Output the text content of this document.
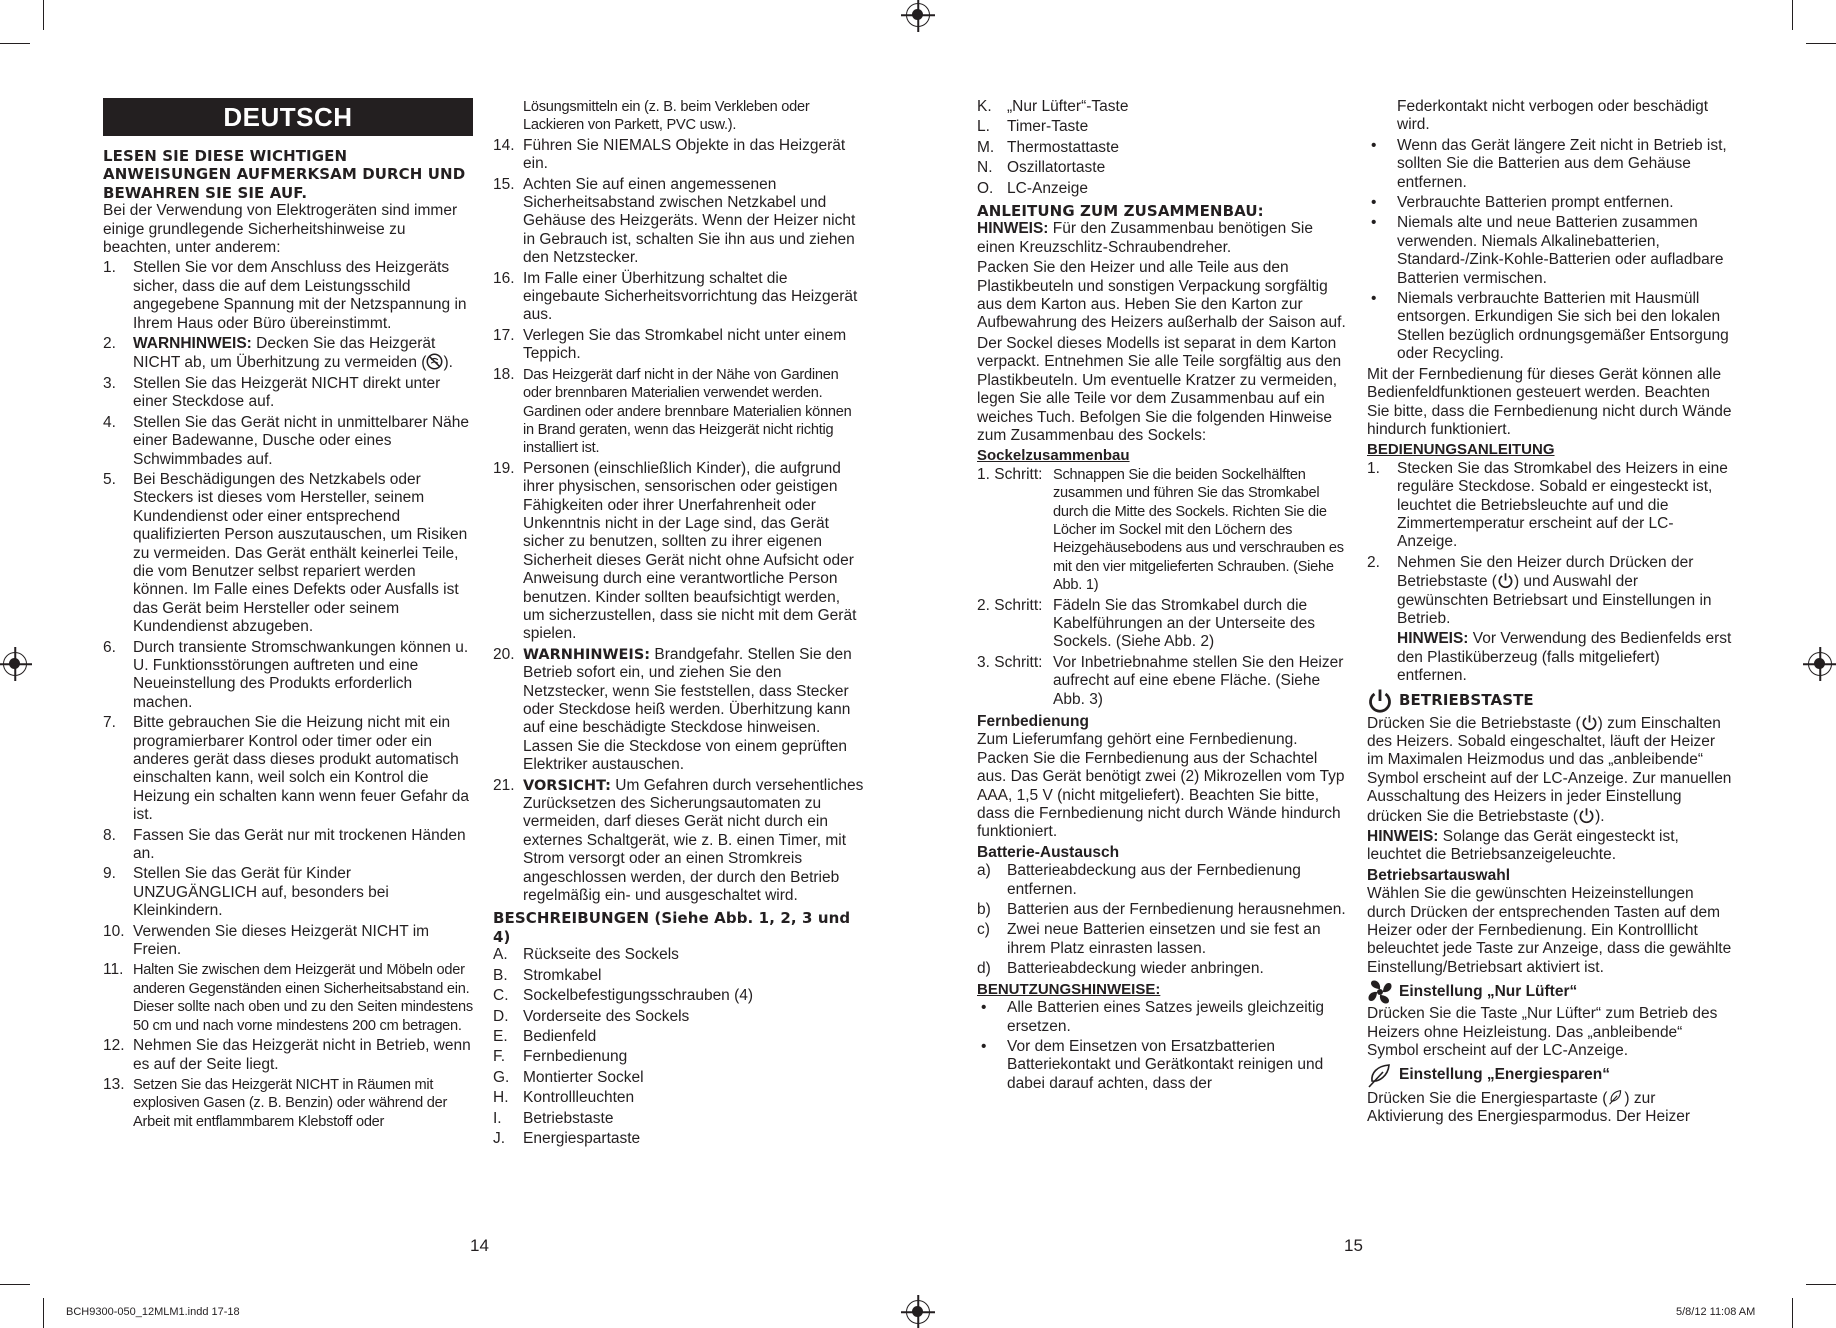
DEUTSCH
LESEN SIE DIESE WICHTIGEN ANWEISUNGEN AUFMERKSAM DURCH UND BEWAHREN SIE SIE AUF.

Bei der Verwendung von Elektrogeräten sind immer einige grundlegende Sicherheitshinweise zu beachten, unter anderem:

1. Stellen Sie vor dem Anschluss des Heizgeräts sicher, dass die auf dem Leistungsschild angegebene Spannung mit der Netzspannung in Ihrem Haus oder Büro übereinstimmt.
2. WARNHINWEIS: Decken Sie das Heizgerät NICHT ab, um Überhitzung zu vermeiden ( ).
3. Stellen Sie das Heizgerät NICHT direkt unter einer Steckdose auf.
4. Stellen Sie das Gerät nicht in unmittelbarer Nähe einer Badewanne, Dusche oder eines Schwimmbades auf.
5. Bei Beschädigungen des Netzkabels oder Steckers ist dieses vom Hersteller, seinem Kundendienst oder einer entsprechend qualifizierten Person auszutauschen, um Risiken zu vermeiden. Das Gerät enthält keinerlei Teile, die vom Benutzer selbst repariert werden können. Im Falle eines Defekts oder Ausfalls ist das Gerät beim Hersteller oder seinem Kundendienst abzugeben.
6. Durch transiente Stromschwankungen können u. U. Funktionsstörungen auftreten und eine Neueinstellung des Produkts erforderlich machen.
7. Bitte gebrauchen Sie die Heizung nicht mit ein programierbarer Kontrol oder timer oder ein anderes gerät dass dieses produkt automatisch einschalten kann, weil solch ein Kontrol die Heizung ein schalten kann wenn feuer Gefahr da ist.
8. Fassen Sie das Gerät nur mit trockenen Händen an.
9. Stellen Sie das Gerät für Kinder UNZUGÄNGLICH auf, besonders bei Kleinkindern.
10. Verwenden Sie dieses Heizgerät NICHT im Freien.
11. Halten Sie zwischen dem Heizgerät und Möbeln oder anderen Gegenständen einen Sicherheitsabstand ein. Dieser sollte nach oben und zu den Seiten mindestens 50 cm und nach vorne mindestens 200 cm betragen.
12. Nehmen Sie das Heizgerät nicht in Betrieb, wenn es auf der Seite liegt.
13. Setzen Sie das Heizgerät NICHT in Räumen mit explosiven Gasen (z. B. Benzin) oder während der Arbeit mit entflammbarem Klebstoff oder

Lösungsmitteln ein (z. B. beim Verkleben oder Lackieren von Parkett, PVC usw.).

14. Führen Sie NIEMALS Objekte in das Heizgerät ein.
15. Achten Sie auf einen angemessenen Sicherheitsabstand zwischen Netzkabel und Gehäuse des Heizgeräts. Wenn der Heizer nicht in Gebrauch ist, schalten Sie ihn aus und ziehen den Netzstecker.
16. Im Falle einer Überhitzung schaltet die eingebaute Sicherheitsvorrichtung das Heizgerät aus.
17. Verlegen Sie das Stromkabel nicht unter einem Teppich.
18. Das Heizgerät darf nicht in der Nähe von Gardinen oder brennbaren Materialien verwendet werden. Gardinen oder andere brennbare Materialien können in Brand geraten, wenn das Heizgerät nicht richtig installiert ist.
19. Personen (einschließlich Kinder), die aufgrund ihrer physischen, sensorischen oder geistigen Fähigkeiten oder ihrer Unerfahrenheit oder Unkenntnis nicht in der Lage sind, das Gerät sicher zu benutzen, sollten zu ihrer eigenen Sicherheit dieses Gerät nicht ohne Aufsicht oder Anweisung durch eine verantwortliche Person benutzen. Kinder sollten beaufsichtigt werden, um sicherzustellen, dass sie nicht mit dem Gerät spielen.
20. WARNHINWEIS: Brandgefahr. Stellen Sie den Betrieb sofort ein, und ziehen Sie den Netzstecker, wenn Sie feststellen, dass Stecker oder Steckdose heiß werden. Überhitzung kann auf eine beschädigte Steckdose hinweisen. Lassen Sie die Steckdose von einem geprüften Elektriker austauschen.
21. VORSICHT: Um Gefahren durch versehentliches Zurücksetzen des Sicherungsautomaten zu vermeiden, darf dieses Gerät nicht durch ein externes Schaltgerät, wie z. B. einen Timer, mit Strom versorgt oder an einen Stromkreis angeschlossen werden, der durch den Betrieb regelmäßig ein- und ausgeschaltet wird.
BESCHREIBUNGEN (Siehe Abb. 1, 2, 3 und 4)
A. Rückseite des Sockels
B. Stromkabel
C. Sockelbefestigungsschrauben (4)
D. Vorderseite des Sockels
E. Bedienfeld
F. Fernbedienung
G. Montierter Sockel
H. Kontrollleuchten
I. Betriebstaste
J. Energiespartaste
K. „Nur Lüfter“-Taste
L. Timer-Taste
M. Thermostattaste
N. Oszillatortaste
O. LC-Anzeige
ANLEITUNG ZUM ZUSAMMENBAU:

HINWEIS: Für den Zusammenbau benötigen Sie einen Kreuzschlitz-Schraubendreher.

Packen Sie den Heizer und alle Teile aus den Plastikbeuteln und sonstigen Verpackung sorgfältig aus dem Karton aus. Heben Sie den Karton zur Aufbewahrung des Heizers außerhalb der Saison auf.

Der Sockel dieses Modells ist separat in dem Karton verpackt. Entnehmen Sie alle Teile sorgfältig aus den Plastikbeuteln. Um eventuelle Kratzer zu vermeiden, legen Sie alle Teile vor dem Zusammenbau auf ein weiches Tuch. Befolgen Sie die folgenden Hinweise zum Zusammenbau des Sockels:

Sockelzusammenbau
1. Schritt: Schnappen Sie die beiden Sockelhälften zusammen und führen Sie das Stromkabel durch die Mitte des Sockels. Richten Sie die Löcher im Sockel mit den Löchern des Heizgehäusebodens aus und verschrauben es mit den vier mitgelieferten Schrauben. (Siehe Abb. 1)
2. Schritt: Fädeln Sie das Stromkabel durch die Kabelführungen an der Unterseite des Sockels. (Siehe Abb. 2)
3. Schritt: Vor Inbetriebnahme stellen Sie den Heizer aufrecht auf eine ebene Fläche. (Siehe Abb. 3)
Fernbedienung

Zum Lieferumfang gehört eine Fernbedienung. Packen Sie die Fernbedienung aus der Schachtel aus. Das Gerät benötigt zwei (2) Mikrozellen vom Typ AAA, 1,5 V (nicht mitgeliefert). Beachten Sie bitte, dass die Fernbedienung nicht durch Wände hindurch funktioniert.

Batterie-Austausch
a) Batterieabdeckung aus der Fernbedienung entfernen.
b) Batterien aus der Fernbedienung herausnehmen.
c) Zwei neue Batterien einsetzen und sie fest an ihrem Platz einrasten lassen.
d) Batterieabdeckung wieder anbringen.
BENUTZUNGSHINWEISE:
• Alle Batterien eines Satzes jeweils gleichzeitig ersetzen.
• Vor dem Einsetzen von Ersatzbatterien Batteriekontakt und Gerätkontakt reinigen und dabei darauf achten, dass der

Federkontakt nicht verbogen oder beschädigt wird.

• Wenn das Gerät längere Zeit nicht in Betrieb ist, sollten Sie die Batterien aus dem Gehäuse entfernen.
• Verbrauchte Batterien prompt entfernen.
• Niemals alte und neue Batterien zusammen verwenden. Niemals Alkalinebatterien, Standard-/Zink-Kohle-Batterien oder aufladbare Batterien vermischen.
• Niemals verbrauchte Batterien mit Hausmüll entsorgen. Erkundigen Sie sich bei den lokalen Stellen bezüglich ordnungsgemäßer Entsorgung oder Recycling.

Mit der Fernbedienung für dieses Gerät können alle Bedienfeldfunktionen gesteuert werden. Beachten Sie bitte, dass die Fernbedienung nicht durch Wände hindurch funktioniert.

BEDIENUNGSANLEITUNG
1. Stecken Sie das Stromkabel des Heizers in eine reguläre Steckdose. Sobald er eingesteckt ist, leuchtet die Betriebsleuchte auf und die Zimmertemperatur erscheint auf der LC-Anzeige.
2. Nehmen Sie den Heizer durch Drücken der Betriebstaste ( ) und Auswahl der gewünschten Betriebsart und Einstellungen in Betrieb.

HINWEIS: Vor Verwendung des Bedienfelds erst den Plastiküberzeug (falls mitgeliefert) entfernen.

BETRIEBSTASTE

Drücken Sie die Betriebstaste ( ) zum Einschalten des Heizers. Sobald eingeschaltet, läuft der Heizer im Maximalen Heizmodus und das „anbleibende“ Symbol erscheint auf der LC-Anzeige. Zur manuellen Ausschaltung des Heizers in jeder Einstellung drücken Sie die Betriebstaste ( ).

HINWEIS: Solange das Gerät eingesteckt ist, leuchtet die Betriebsanzeigeleuchte.

Betriebsartauswahl

Wählen Sie die gewünschten Heizeinstellungen durch Drücken der entsprechenden Tasten auf dem Heizer oder der Fernbedienung. Ein Kontrolllicht beleuchtet jede Taste zur Anzeige, dass die gewählte Einstellung/Betriebsart aktiviert ist.

Einstellung „Nur Lüfter“

Drücken Sie die Taste „Nur Lüfter“ zum Betrieb des Heizers ohne Heizleistung. Das „anbleibende“ Symbol erscheint auf der LC-Anzeige.

Einstellung „Energiesparen“

Drücken Sie die Energiespartaste ( ) zur Aktivierung des Energiesparmodus. Der Heizer

14	15
BCH9300-050_12MLM1.indd 17-18	5/8/12 11:08 AM
